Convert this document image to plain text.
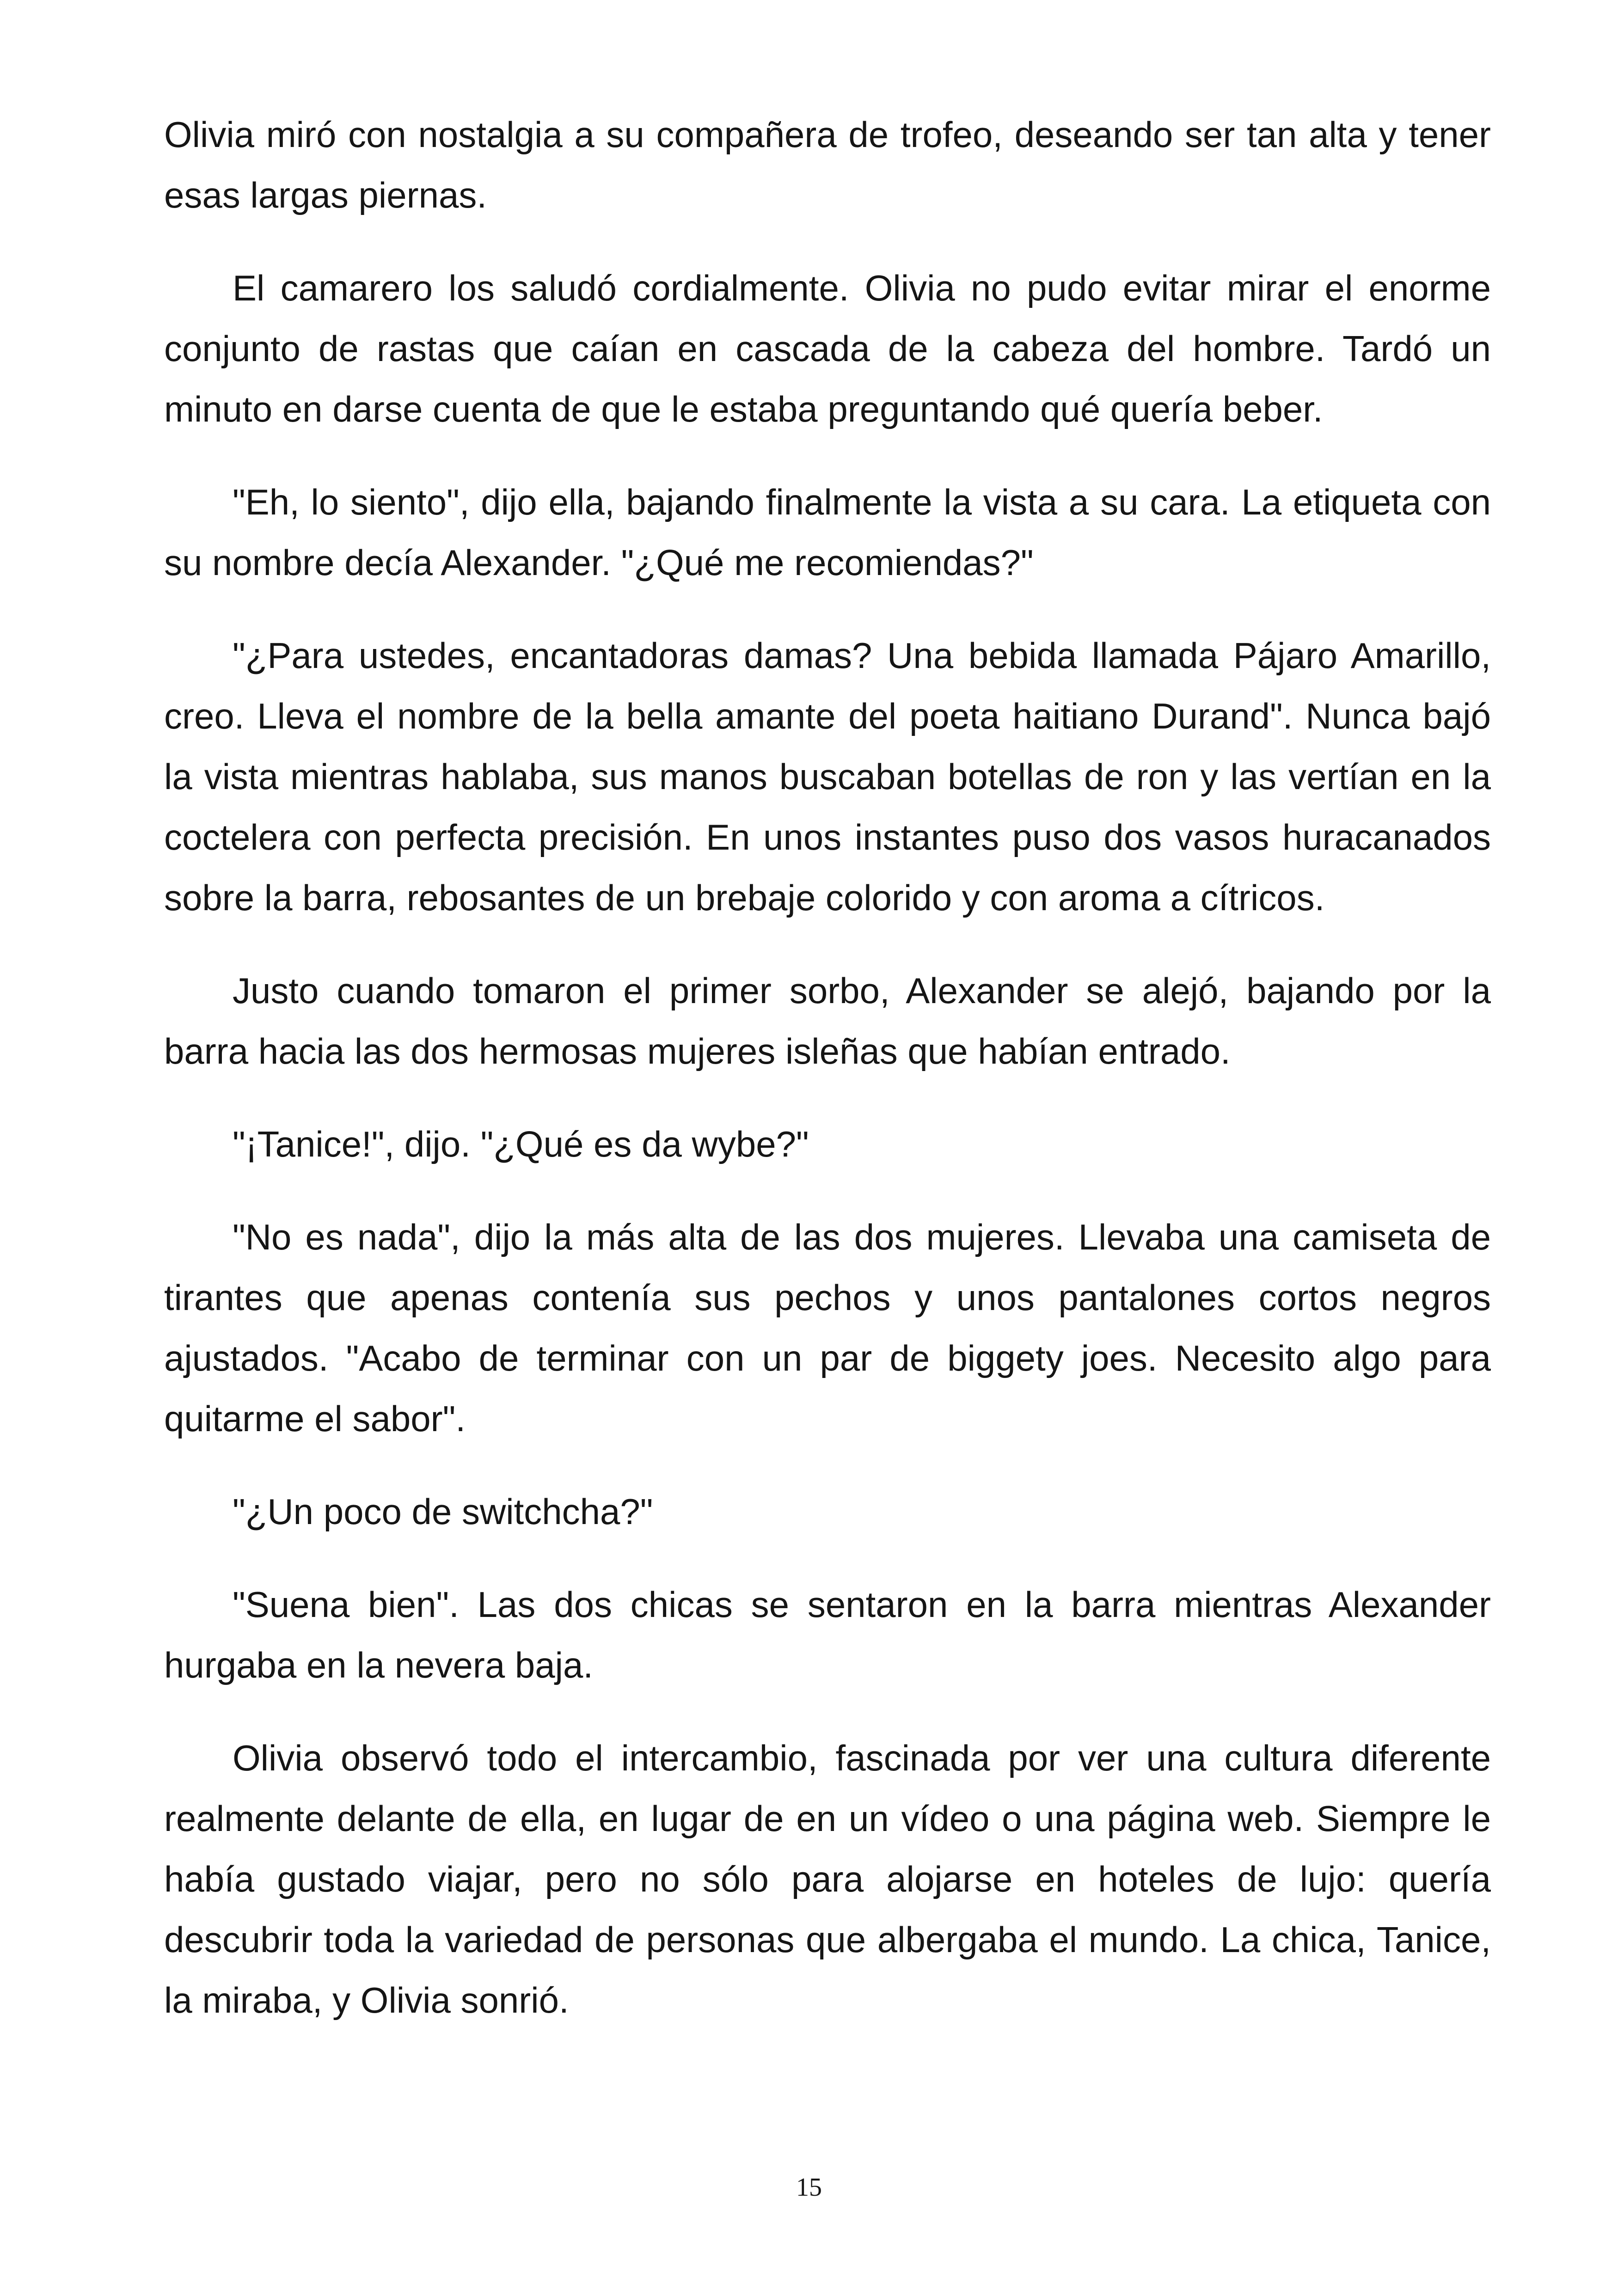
Olivia miró con nostalgia a su compañera de trofeo, deseando ser tan alta y tener esas largas piernas.

El camarero los saludó cordialmente. Olivia no pudo evitar mirar el enorme conjunto de rastas que caían en cascada de la cabeza del hombre. Tardó un minuto en darse cuenta de que le estaba preguntando qué quería beber.

"Eh, lo siento", dijo ella, bajando finalmente la vista a su cara. La etiqueta con su nombre decía Alexander. "¿Qué me recomiendas?"

"¿Para ustedes, encantadoras damas? Una bebida llamada Pájaro Amarillo, creo. Lleva el nombre de la bella amante del poeta haitiano Durand". Nunca bajó la vista mientras hablaba, sus manos buscaban botellas de ron y las vertían en la coctelera con perfecta precisión. En unos instantes puso dos vasos huracanados sobre la barra, rebosantes de un brebaje colorido y con aroma a cítricos.

Justo cuando tomaron el primer sorbo, Alexander se alejó, bajando por la barra hacia las dos hermosas mujeres isleñas que habían entrado.

"¡Tanice!", dijo. "¿Qué es da wybe?"

"No es nada", dijo la más alta de las dos mujeres. Llevaba una camiseta de tirantes que apenas contenía sus pechos y unos pantalones cortos negros ajustados. "Acabo de terminar con un par de biggety joes. Necesito algo para quitarme el sabor".

"¿Un poco de switchcha?"

"Suena bien". Las dos chicas se sentaron en la barra mientras Alexander hurgaba en la nevera baja.

Olivia observó todo el intercambio, fascinada por ver una cultura diferente realmente delante de ella, en lugar de en un vídeo o una página web. Siempre le había gustado viajar, pero no sólo para alojarse en hoteles de lujo: quería descubrir toda la variedad de personas que albergaba el mundo. La chica, Tanice, la miraba, y Olivia sonrió.

15
